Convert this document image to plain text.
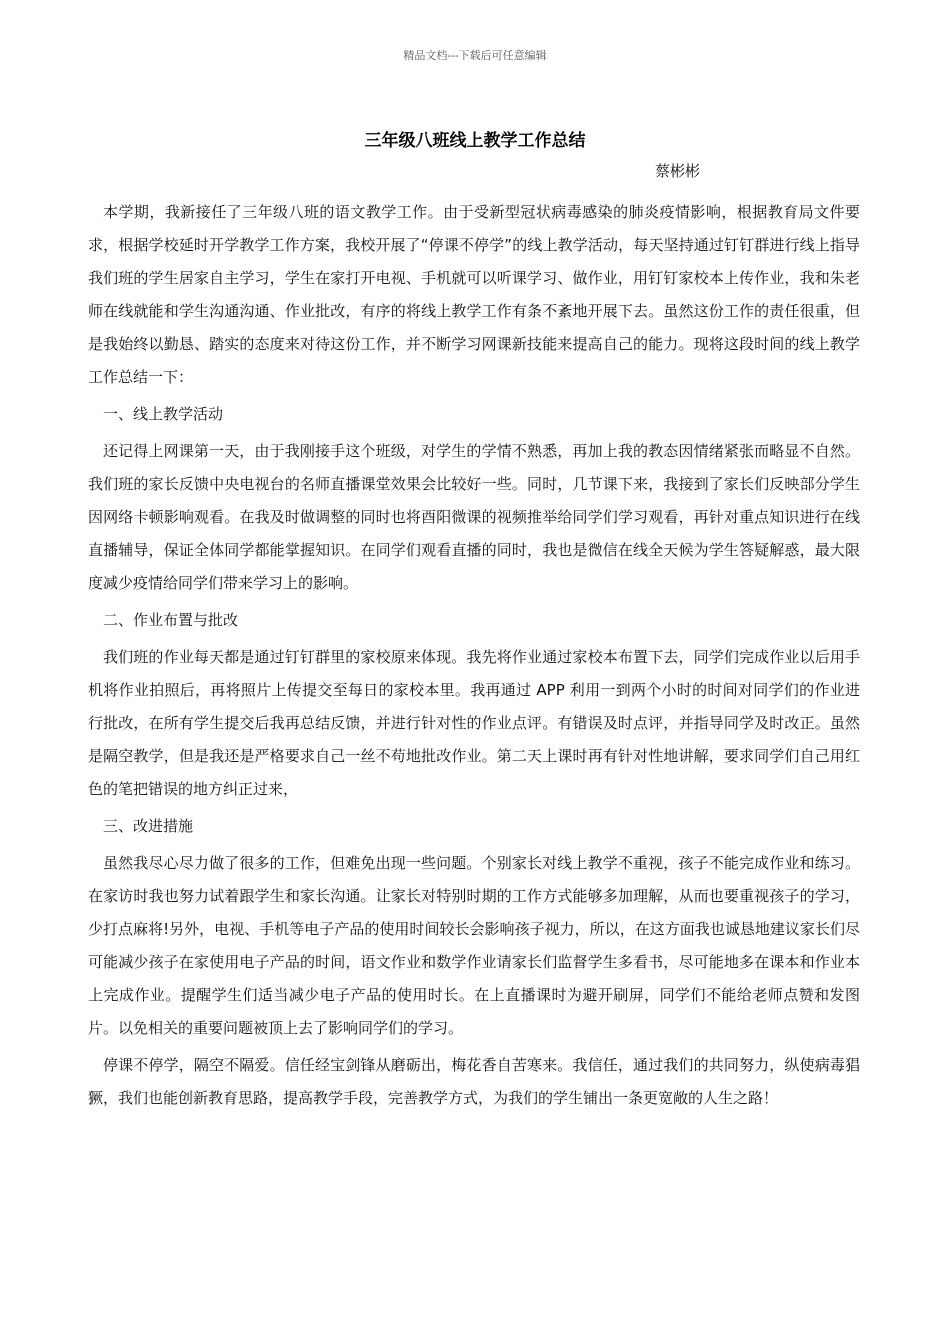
精品文档---下载后可任意编辑
三年级八班线上教学工作总结
蔡彬彬

本学期，我新接任了三年级八班的语文教学工作。由于受新型冠状病毒感染的肺炎疫情影响，根据教育局文件要求，根据学校延时开学教学工作方案，我校开展了“停课不停学”的线上教学活动，每天坚持通过钉钉群进行线上指导我们班的学生居家自主学习，学生在家打开电视、手机就可以听课学习、做作业，用钉钉家校本上传作业，我和朱老师在线就能和学生沟通沟通、作业批改，有序的将线上教学工作有条不紊地开展下去。虽然这份工作的责任很重，但是我始终以勤恳、踏实的态度来对待这份工作，并不断学习网课新技能来提高自己的能力。现将这段时间的线上教学工作总结一下：

一、线上教学活动

还记得上网课第一天，由于我刚接手这个班级，对学生的学情不熟悉，再加上我的教态因情绪紧张而略显不自然。我们班的家长反馈中央电视台的名师直播课堂效果会比较好一些。同时，几节课下来，我接到了家长们反映部分学生因网络卡顿影响观看。在我及时做调整的同时也将酉阳微课的视频推举给同学们学习观看，再针对重点知识进行在线直播辅导，保证全体同学都能掌握知识。在同学们观看直播的同时，我也是微信在线全天候为学生答疑解惑，最大限度减少疫情给同学们带来学习上的影响。

二、作业布置与批改

我们班的作业每天都是通过钉钉群里的家校原来体现。我先将作业通过家校本布置下去，同学们完成作业以后用手机将作业拍照后，再将照片上传提交至每日的家校本里。我再通过 APP 利用一到两个小时的时间对同学们的作业进行批改，在所有学生提交后我再总结反馈，并进行针对性的作业点评。有错误及时点评，并指导同学及时改正。虽然是隔空教学，但是我还是严格要求自己一丝不苟地批改作业。第二天上课时再有针对性地讲解，要求同学们自己用红色的笔把错误的地方纠正过来，

三、改进措施

虽然我尽心尽力做了很多的工作，但难免出现一些问题。个别家长对线上教学不重视，孩子不能完成作业和练习。在家访时我也努力试着跟学生和家长沟通。让家长对特别时期的工作方式能够多加理解，从而也要重视孩子的学习，少打点麻将!另外，电视、手机等电子产品的使用时间较长会影响孩子视力，所以，在这方面我也诚恳地建议家长们尽可能减少孩子在家使用电子产品的时间，语文作业和数学作业请家长们监督学生多看书，尽可能地多在课本和作业本上完成作业。提醒学生们适当减少电子产品的使用时长。在上直播课时为避开刷屏，同学们不能给老师点赞和发图片。以免相关的重要问题被顶上去了影响同学们的学习。

停课不停学，隔空不隔爱。信任经宝剑锋从磨砺出，梅花香自苦寒来。我信任，通过我们的共同努力，纵使病毒猖獗，我们也能创新教育思路，提高教学手段，完善教学方式，为我们的学生铺出一条更宽敞的人生之路！
